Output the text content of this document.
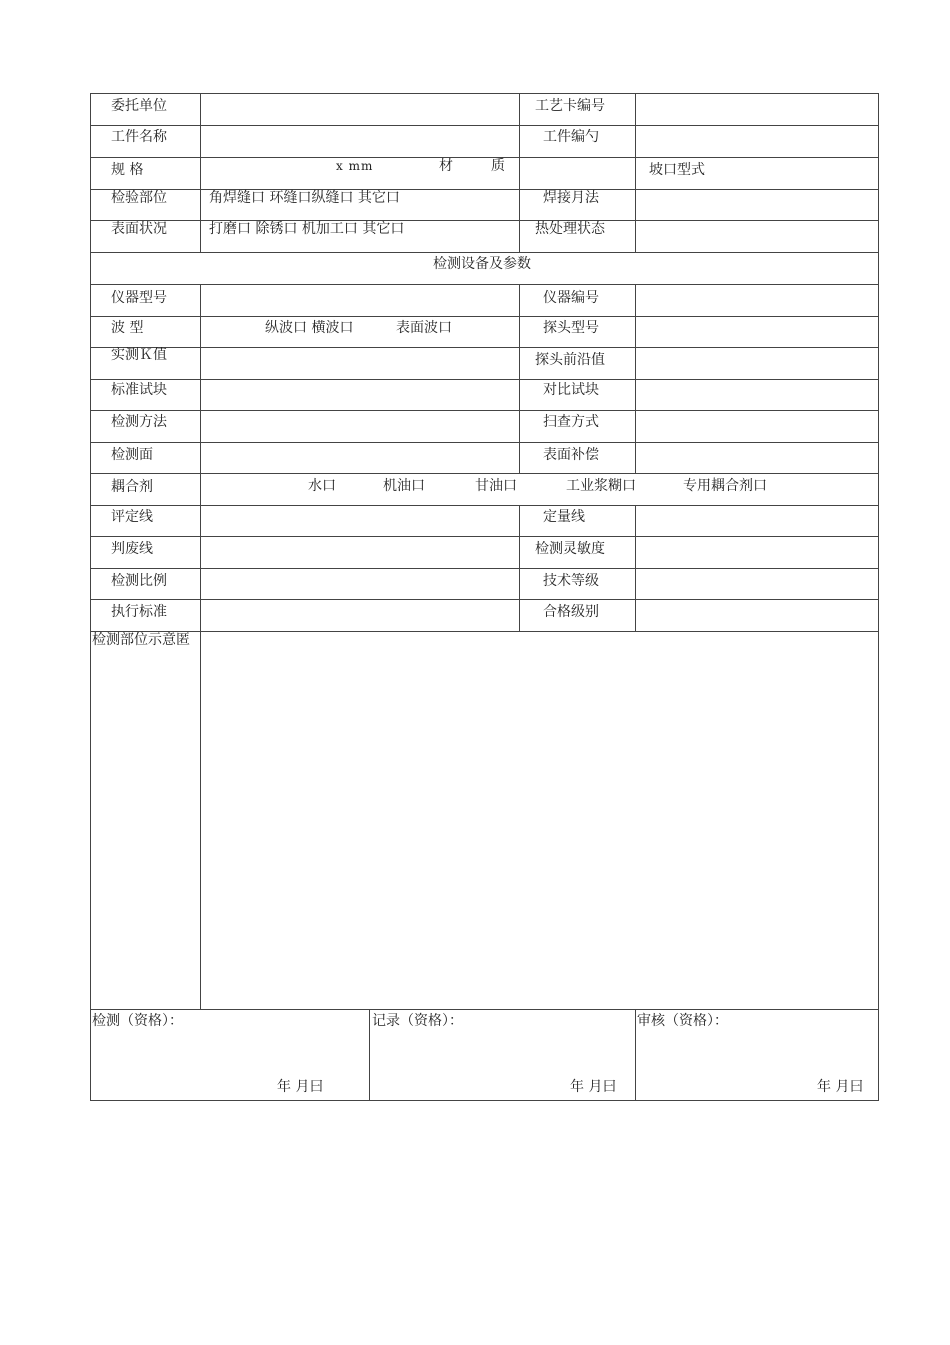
委托单位	工艺卡编号
工件名称	工件编勺
规 格	x mm	材	质	坡口型式
检验部位	角焊缝口 环缝口纵缝口 其它口	焊接月法
表面状况	打磨口 除锈口 机加工口 其它口	热处理状态
检测设备及参数
仪器型号	仪器编号
波 型	纵波口 横波口	表面波口	探头型号
实测Ｋ值	探头前沿值
标准试块	对比试块
检测方法	扫查方式
检测面	表面补偿
耦合剂	水口	机油口	甘油口	工业浆糊口	专用耦合剂口
评定线	定量线
判废线	检测灵敏度
检测比例	技术等级
执行标准	合格级别
检测部位示意匿
检测（资格）：
年 月曰
记录（资格）：
年 月曰
审核（资格）：
年 月曰
